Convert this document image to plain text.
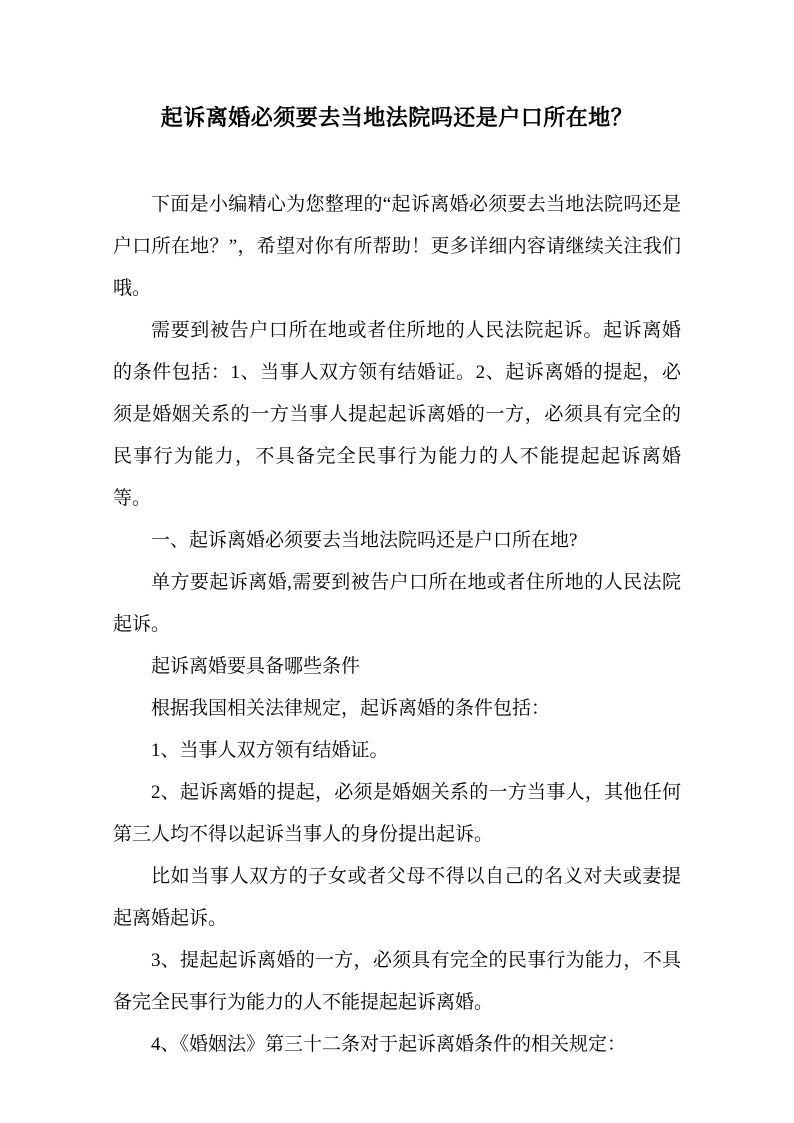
起诉离婚必须要去当地法院吗还是户口所在地？

下面是小编精心为您整理的“起诉离婚必须要去当地法院吗还是户口所在地？”，希望对你有所帮助！更多详细内容请继续关注我们哦。

需要到被告户口所在地或者住所地的人民法院起诉。起诉离婚的条件包括：1、当事人双方领有结婚证。2、起诉离婚的提起，必须是婚姻关系的一方当事人提起起诉离婚的一方，必须具有完全的民事行为能力，不具备完全民事行为能力的人不能提起起诉离婚等。

一、起诉离婚必须要去当地法院吗还是户口所在地?

单方要起诉离婚,需要到被告户口所在地或者住所地的人民法院起诉。

起诉离婚要具备哪些条件

根据我国相关法律规定，起诉离婚的条件包括：

1、当事人双方领有结婚证。

2、起诉离婚的提起，必须是婚姻关系的一方当事人，其他任何第三人均不得以起诉当事人的身份提出起诉。

比如当事人双方的子女或者父母不得以自己的名义对夫或妻提起离婚起诉。

3、提起起诉离婚的一方，必须具有完全的民事行为能力，不具备完全民事行为能力的人不能提起起诉离婚。

4、《婚姻法》第三十二条对于起诉离婚条件的相关规定：
